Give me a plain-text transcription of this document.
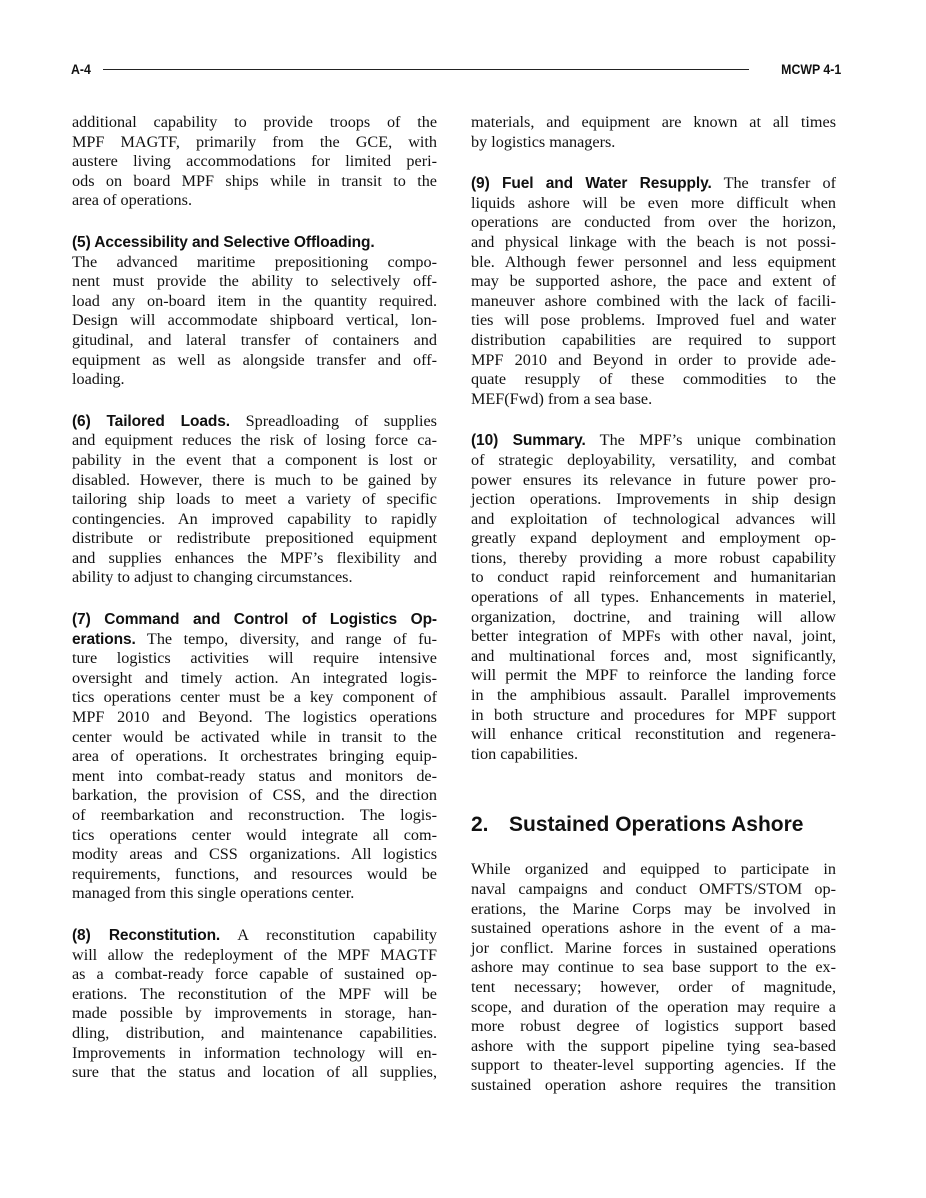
A-4	MCWP 4-1
additional capability to provide troops of the
MPF MAGTF, primarily from the GCE, with
austere living accommodations for limited peri-
ods on board MPF ships while in transit to the
area of operations.
(5) Accessibility and Selective Offloading.
The advanced maritime prepositioning compo-
nent must provide the ability to selectively off-
load any on-board item in the quantity required.
Design will accommodate shipboard vertical, lon-
gitudinal, and lateral transfer of containers and
equipment as well as alongside transfer and off-
loading.
(6) Tailored Loads. Spreadloading of supplies
and equipment reduces the risk of losing force ca-
pability in the event that a component is lost or
disabled. However, there is much to be gained by
tailoring ship loads to meet a variety of specific
contingencies. An improved capability to rapidly
distribute or redistribute prepositioned equipment
and supplies enhances the MPF’s flexibility and
ability to adjust to changing circumstances.
(7) Command and Control of Logistics Op-
erations. The tempo, diversity, and range of fu-
ture logistics activities will require intensive
oversight and timely action. An integrated logis-
tics operations center must be a key component of
MPF 2010 and Beyond. The logistics operations
center would be activated while in transit to the
area of operations. It orchestrates bringing equip-
ment into combat-ready status and monitors de-
barkation, the provision of CSS, and the direction
of reembarkation and reconstruction. The logis-
tics operations center would integrate all com-
modity areas and CSS organizations. All logistics
requirements, functions, and resources would be
managed from this single operations center.
(8) Reconstitution. A reconstitution capability
will allow the redeployment of the MPF MAGTF
as a combat-ready force capable of sustained op-
erations. The reconstitution of the MPF will be
made possible by improvements in storage, han-
dling, distribution, and maintenance capabilities.
Improvements in information technology will en-
sure that the status and location of all supplies,
materials, and equipment are known at all times
by logistics managers.
(9) Fuel and Water Resupply. The transfer of
liquids ashore will be even more difficult when
operations are conducted from over the horizon,
and physical linkage with the beach is not possi-
ble. Although fewer personnel and less equipment
may be supported ashore, the pace and extent of
maneuver ashore combined with the lack of facili-
ties will pose problems. Improved fuel and water
distribution capabilities are required to support
MPF 2010 and Beyond in order to provide ade-
quate resupply of these commodities to the
MEF(Fwd) from a sea base.
(10) Summary. The MPF’s unique combination
of strategic deployability, versatility, and combat
power ensures its relevance in future power pro-
jection operations. Improvements in ship design
and exploitation of technological advances will
greatly expand deployment and employment op-
tions, thereby providing a more robust capability
to conduct rapid reinforcement and humanitarian
operations of all types. Enhancements in materiel,
organization, doctrine, and training will allow
better integration of MPFs with other naval, joint,
and multinational forces and, most significantly,
will permit the MPF to reinforce the landing force
in the amphibious assault. Parallel improvements
in both structure and procedures for MPF support
will enhance critical reconstitution and regenera-
tion capabilities.
2. Sustained Operations Ashore
While organized and equipped to participate in
naval campaigns and conduct OMFTS/STOM op-
erations, the Marine Corps may be involved in
sustained operations ashore in the event of a ma-
jor conflict. Marine forces in sustained operations
ashore may continue to sea base support to the ex-
tent necessary; however, order of magnitude,
scope, and duration of the operation may require a
more robust degree of logistics support based
ashore with the support pipeline tying sea-based
support to theater-level supporting agencies. If the
sustained operation ashore requires the transition
